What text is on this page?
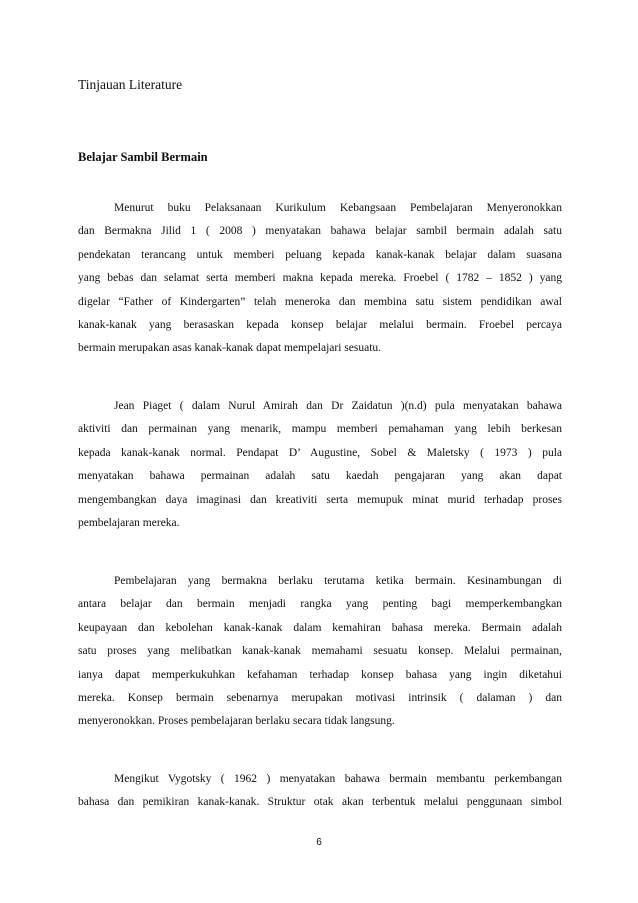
Tinjauan Literature
Belajar Sambil Bermain
Menurut buku Pelaksanaan Kurikulum Kebangsaan Pembelajaran Menyeronokkan
dan Bermakna Jilid 1 ( 2008 ) menyatakan bahawa belajar sambil bermain adalah satu
pendekatan terancang untuk memberi peluang kepada kanak-kanak belajar dalam suasana
yang bebas dan selamat serta memberi makna kepada mereka. Froebel ( 1782 – 1852 ) yang
digelar “Father of Kindergarten” telah meneroka dan membina satu sistem pendidikan awal
kanak-kanak yang berasaskan kepada konsep belajar melalui bermain. Froebel percaya
bermain merupakan asas kanak-kanak dapat mempelajari sesuatu.
Jean Piaget ( dalam Nurul Amirah dan Dr Zaidatun )(n.d) pula menyatakan bahawa
aktiviti dan permainan yang menarik, mampu memberi pemahaman yang lebih berkesan
kepada kanak-kanak normal. Pendapat D’ Augustine, Sobel & Maletsky ( 1973 ) pula
menyatakan bahawa permainan adalah satu kaedah pengajaran yang akan dapat
mengembangkan daya imaginasi dan kreativiti serta memupuk minat murid terhadap proses
pembelajaran mereka.
Pembelajaran yang bermakna berlaku terutama ketika bermain. Kesinambungan di
antara belajar dan bermain menjadi rangka yang penting bagi memperkembangkan
keupayaan dan kebolehan kanak-kanak dalam kemahiran bahasa mereka. Bermain adalah
satu proses yang melibatkan kanak-kanak memahami sesuatu konsep. Melalui permainan,
ianya dapat memperkukuhkan kefahaman terhadap konsep bahasa yang ingin diketahui
mereka. Konsep bermain sebenarnya merupakan motivasi intrinsik ( dalaman ) dan
menyeronokkan. Proses pembelajaran berlaku secara tidak langsung.
Mengikut Vygotsky ( 1962 ) menyatakan bahawa bermain membantu perkembangan
bahasa dan pemikiran kanak-kanak. Struktur otak akan terbentuk melalui penggunaan simbol
6
